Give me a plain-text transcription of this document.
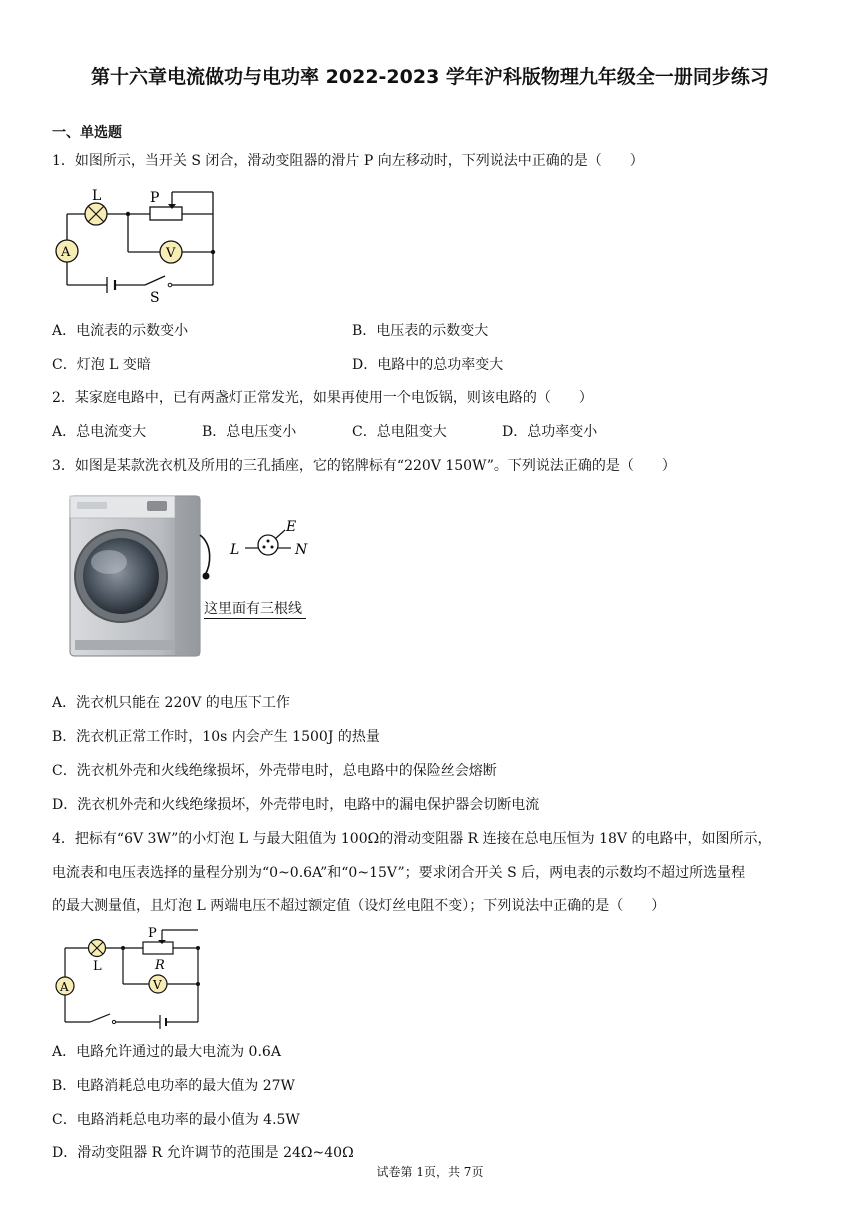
第十六章电流做功与电功率 2022-2023 学年沪科版物理九年级全一册同步练习
一、单选题
1．如图所示，当开关 S 闭合，滑动变阻器的滑片 P 向左移动时，下列说法中正确的是（　　）
L	P
A	V
S
A．电流表的示数变小	B．电压表的示数变大
C．灯泡 L 变暗	D．电路中的总功率变大
2．某家庭电路中，已有两盏灯正常发光，如果再使用一个电饭锅，则该电路的（　　）
A．总电流变大	B．总电压变小	C．总电阻变大	D．总功率变小
3．如图是某款洗衣机及所用的三孔插座，它的铭牌标有“220V 150W”。下列说法正确的是（　　）
L
E
N
这里面有三根线
A．洗衣机只能在 220V 的电压下工作
B．洗衣机正常工作时，10s 内会产生 1500J 的热量
C．洗衣机外壳和火线绝缘损坏，外壳带电时，总电路中的保险丝会熔断
D．洗衣机外壳和火线绝缘损坏，外壳带电时，电路中的漏电保护器会切断电流
4．把标有“6V 3W”的小灯泡 L 与最大阻值为 100Ω的滑动变阻器 R 连接在总电压恒为 18V 的电路中，如图所示，
电流表和电压表选择的量程分别为“0~0.6A”和“0~15V”；要求闭合开关 S 后，两电表的示数均不超过所选量程
的最大测量值，且灯泡 L 两端电压不超过额定值（设灯丝电阻不变）；下列说法中正确的是（　　）
L
P
R
A	V
A．电路允许通过的最大电流为 0.6A
B．电路消耗总电功率的最大值为 27W
C．电路消耗总电功率的最小值为 4.5W
D．滑动变阻器 R 允许调节的范围是 24Ω~40Ω
试卷第 1页，共 7页
